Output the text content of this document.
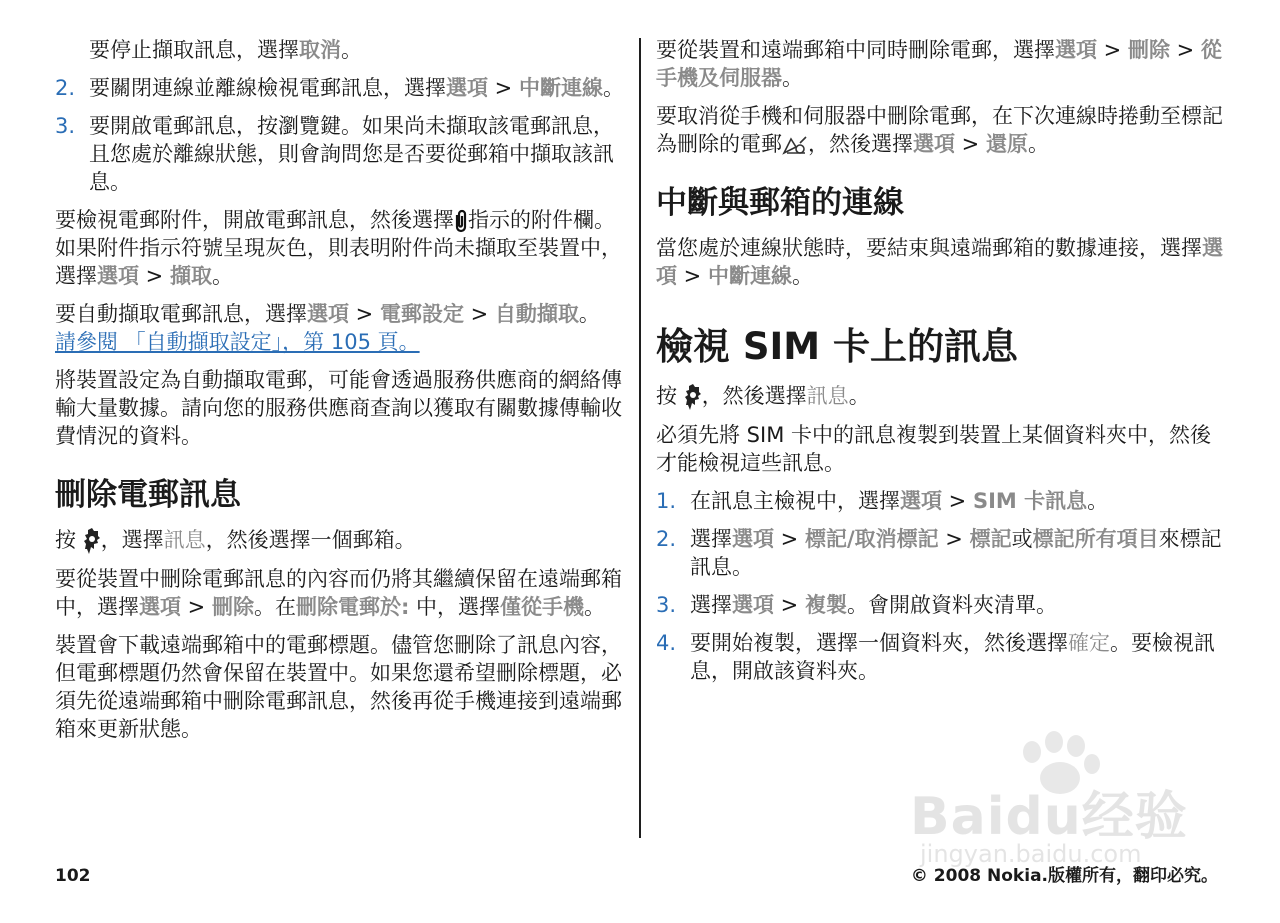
要停止擷取訊息，選擇取消。

2. 要關閉連線並離線檢視電郵訊息，選擇選項 > 中斷連線。
3. 要開啟電郵訊息，按瀏覽鍵。如果尚未擷取該電郵訊息，且您處於離線狀態，則會詢問您是否要從郵箱中擷取該訊息。

要檢視電郵附件，開啟電郵訊息，然後選擇 指示的附件欄。如果附件指示符號呈現灰色，則表明附件尚未擷取至裝置中，選擇選項 > 擷取。

要自動擷取電郵訊息，選擇選項 > 電郵設定 > 自動擷取。 請參閱 「自動擷取設定」，第 105 頁。

將裝置設定為自動擷取電郵，可能會透過服務供應商的網絡傳輸大量數據。請向您的服務供應商查詢以獲取有關數據傳輸收費情況的資料。

刪除電郵訊息

按 ，選擇訊息，然後選擇一個郵箱。

要從裝置中刪除電郵訊息的內容而仍將其繼續保留在遠端郵箱中，選擇選項 > 刪除。在刪除電郵於: 中，選擇僅從手機。

裝置會下載遠端郵箱中的電郵標題。儘管您刪除了訊息內容，但電郵標題仍然會保留在裝置中。如果您還希望刪除標題，必須先從遠端郵箱中刪除電郵訊息，然後再從手機連接到遠端郵箱來更新狀態。

要從裝置和遠端郵箱中同時刪除電郵，選擇選項 > 刪除 > 從手機及伺服器。

要取消從手機和伺服器中刪除電郵，在下次連線時捲動至標記為刪除的電郵 ，然後選擇選項 > 還原。

中斷與郵箱的連線

當您處於連線狀態時，要結束與遠端郵箱的數據連接，選擇選項 > 中斷連線。

檢視 SIM 卡上的訊息

按 ，然後選擇訊息。

必須先將 SIM 卡中的訊息複製到裝置上某個資料夾中，然後才能檢視這些訊息。

1. 在訊息主檢視中，選擇選項 > SIM 卡訊息。
2. 選擇選項 > 標記/取消標記 > 標記或標記所有項目來標記訊息。
3. 選擇選項 > 複製。會開啟資料夾清單。
4. 要開始複製，選擇一個資料夾，然後選擇確定。要檢視訊息，開啟該資料夾。
Baidu经验
jingyan.baidu.com
102	© 2008 Nokia.版權所有，翻印必究。
